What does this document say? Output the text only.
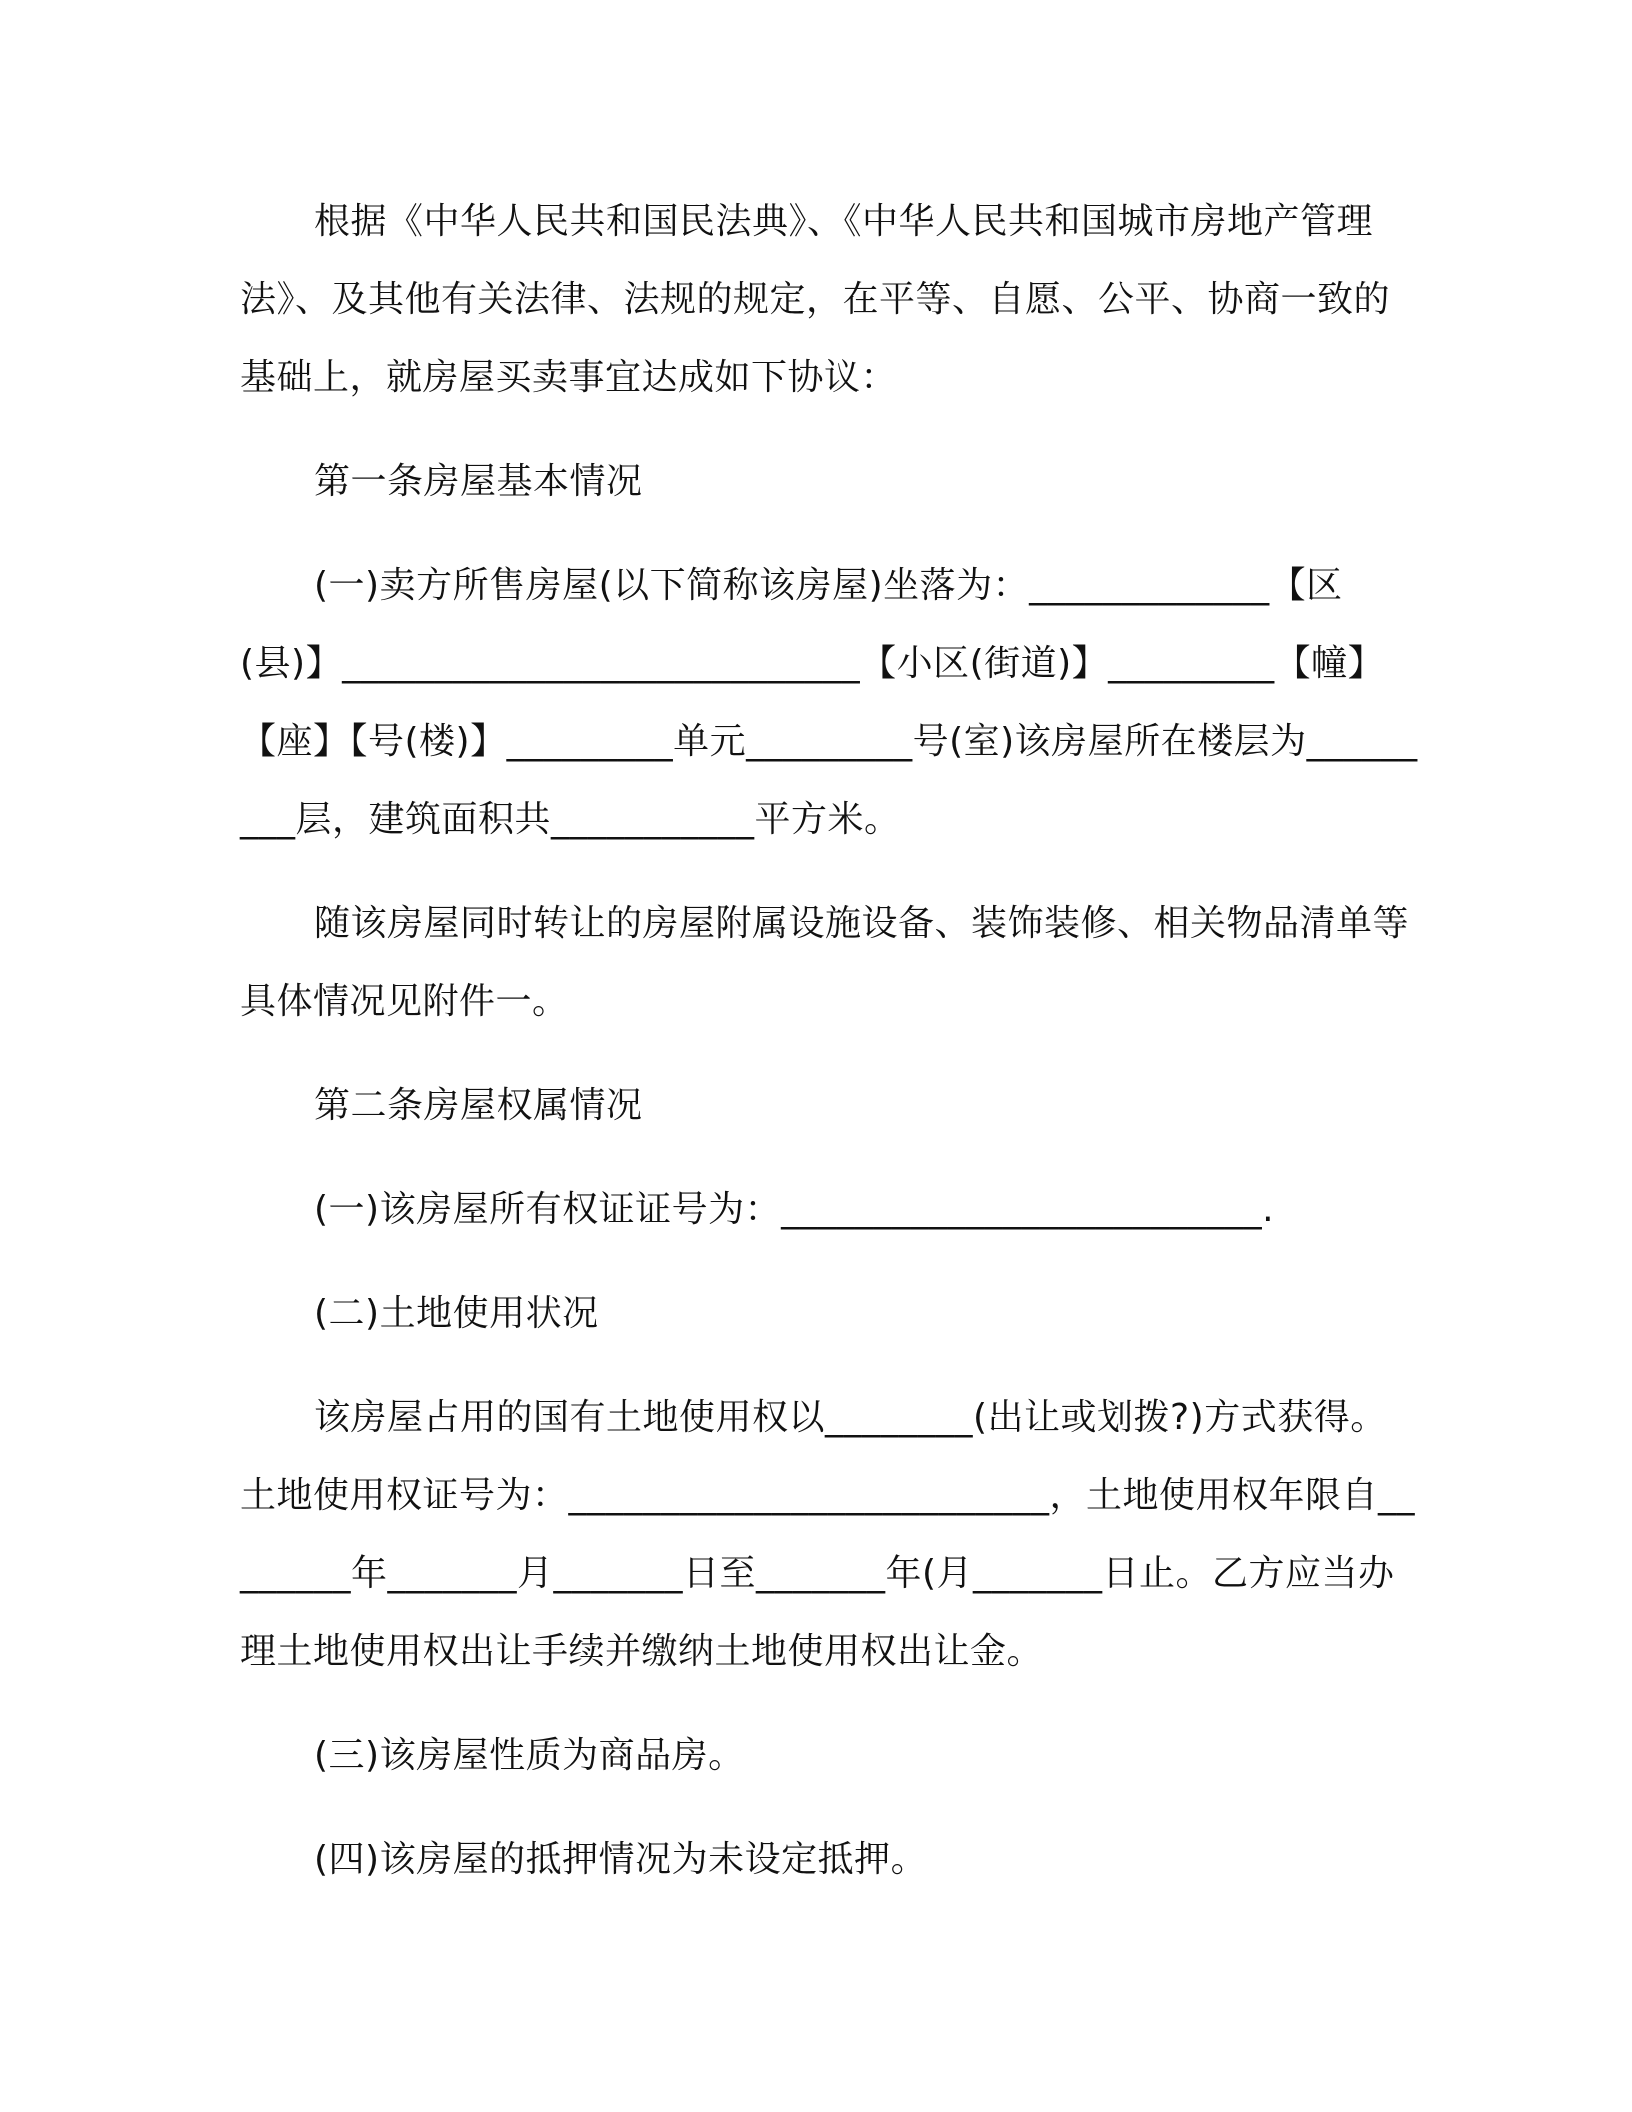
根据《中华人民共和国民法典》、《中华人民共和国城市房地产管理法》、及其他有关法律、法规的规定，在平等、自愿、公平、协商一致的基础上，就房屋买卖事宜达成如下协议：

第一条房屋基本情况

(一)卖方所售房屋(以下简称该房屋)坐落为：_____________【区(县)】____________________________【小区(街道)】_________【幢】【座】【号(楼)】_________单元_________号(室)该房屋所在楼层为_________层，建筑面积共___________平方米。

随该房屋同时转让的房屋附属设施设备、装饰装修、相关物品清单等具体情况见附件一。

第二条房屋权属情况

(一)该房屋所有权证证号为：__________________________.

(二)土地使用状况

该房屋占用的国有土地使用权以________(出让或划拨?)方式获得。土地使用权证号为：__________________________，土地使用权年限自________年_______月_______日至_______年(月_______日止。乙方应当办理土地使用权出让手续并缴纳土地使用权出让金。

(三)该房屋性质为商品房。

(四)该房屋的抵押情况为未设定抵押。
